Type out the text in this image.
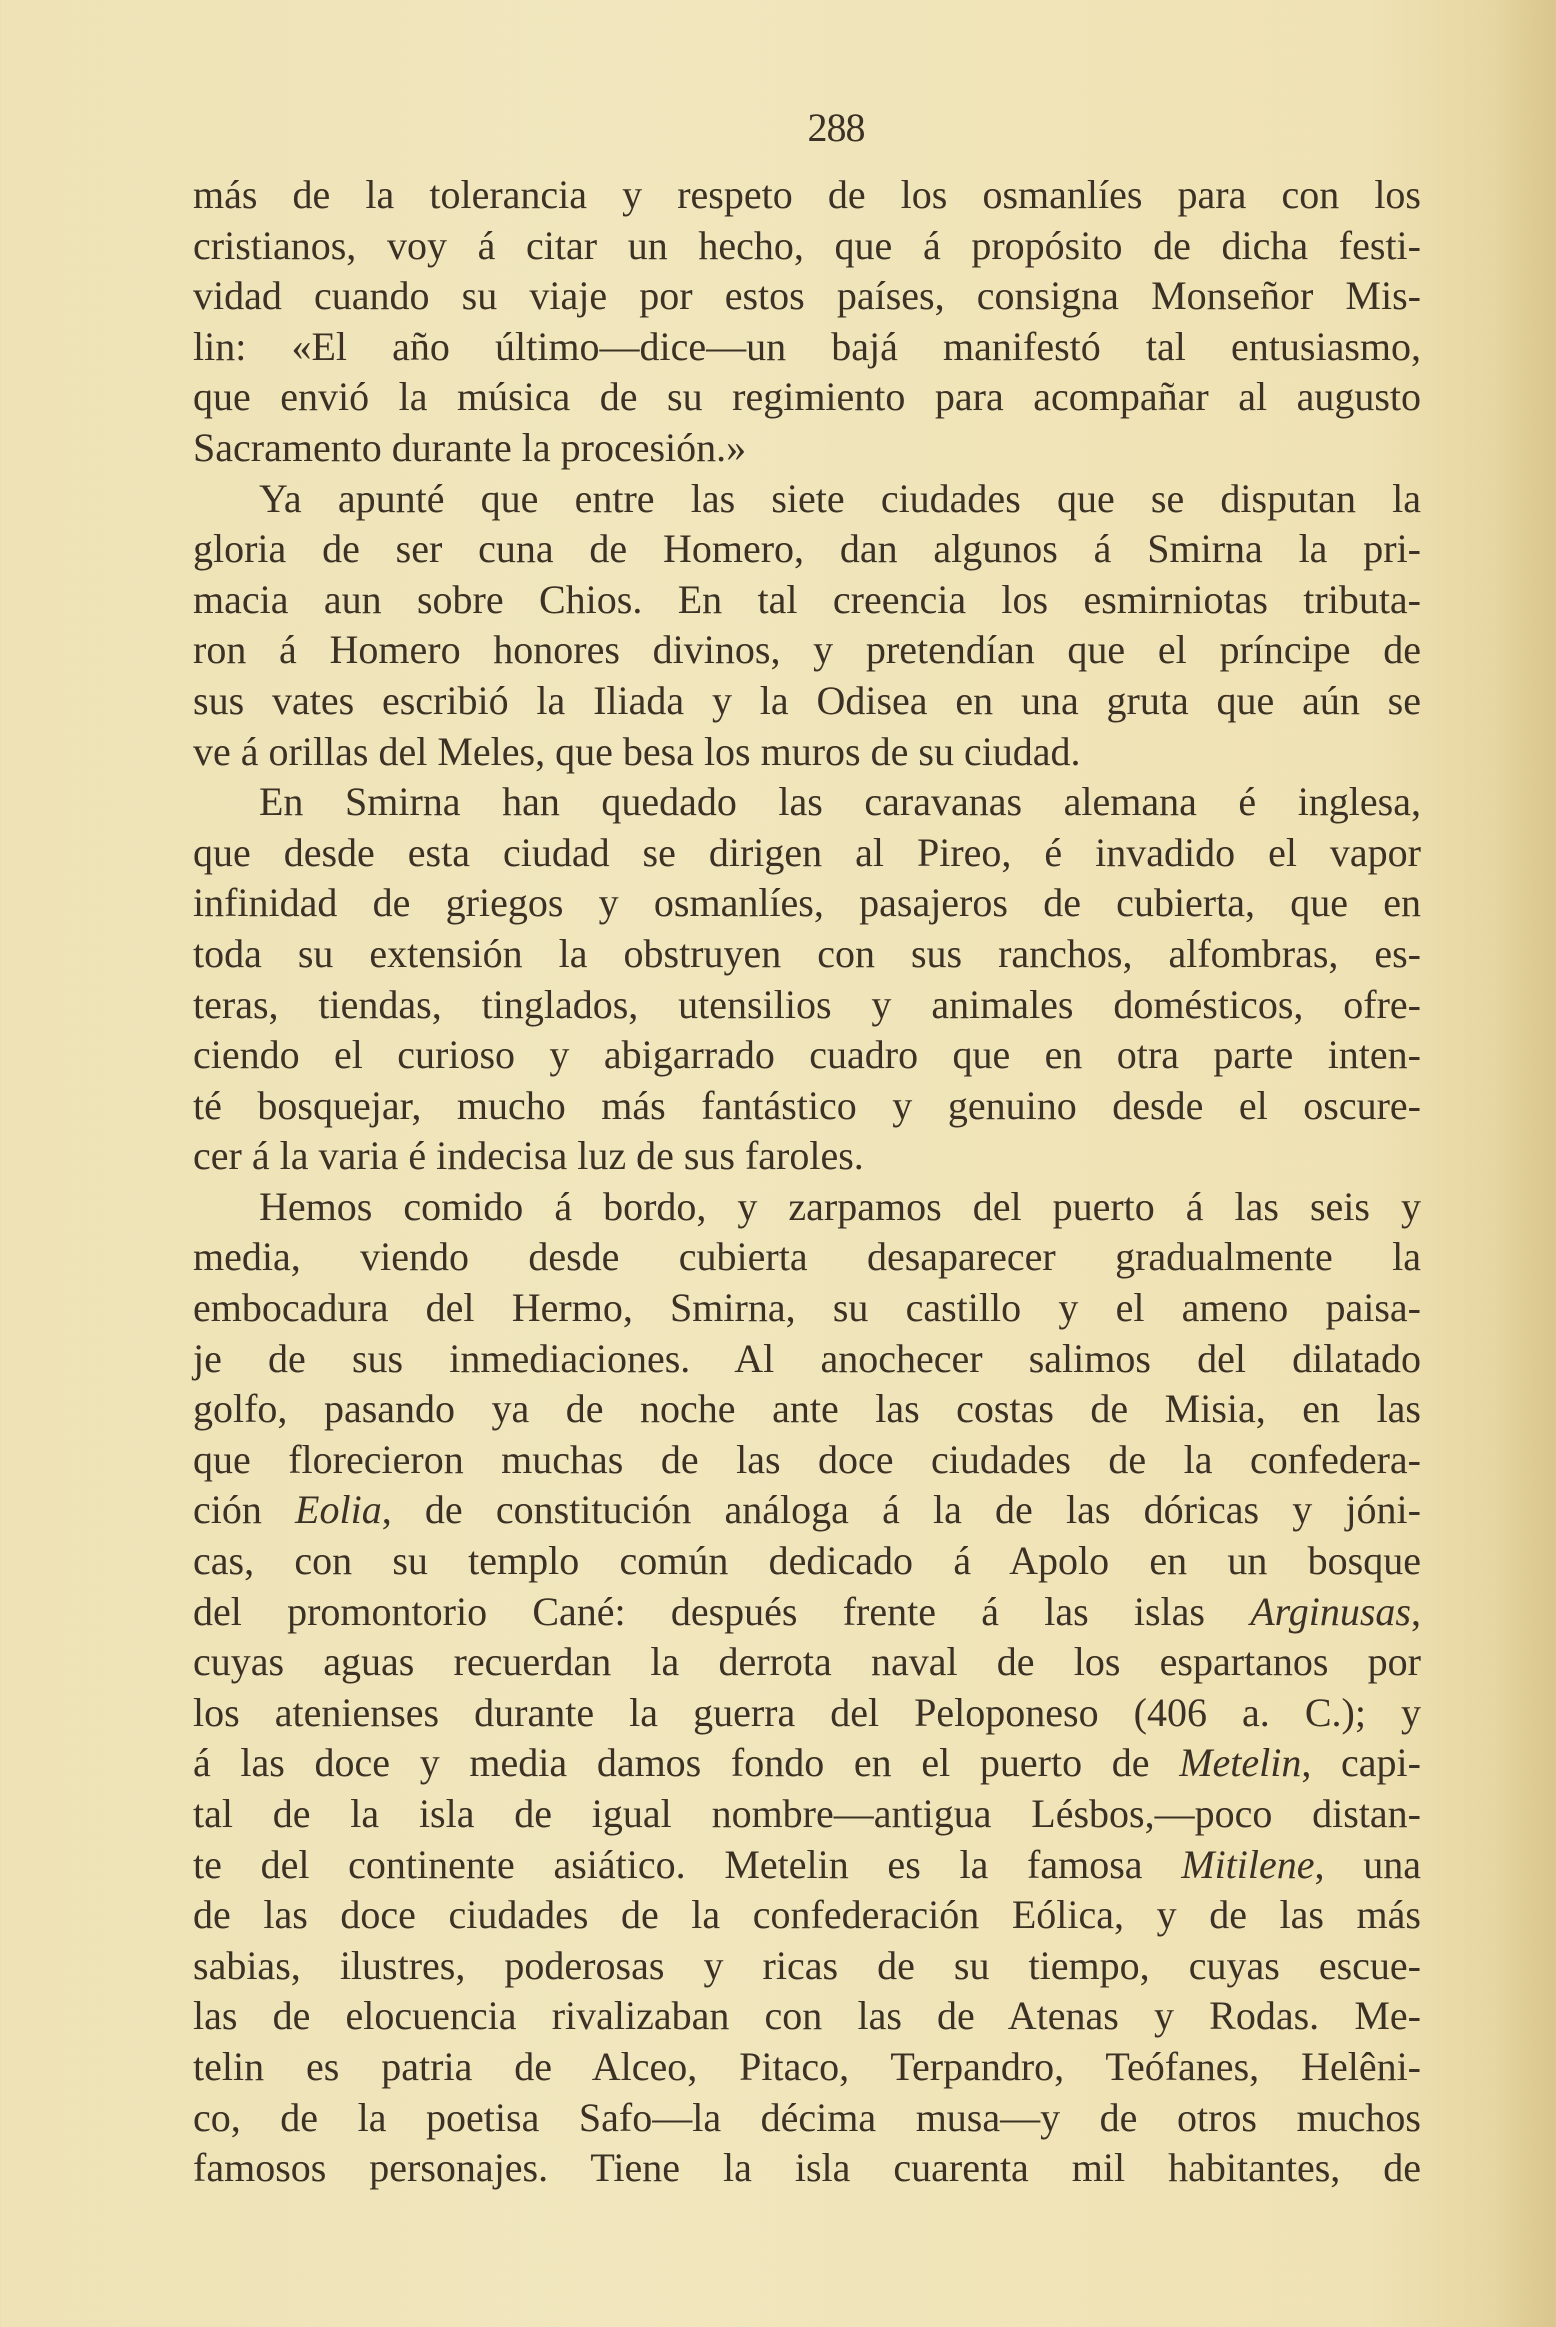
288
más de la tolerancia y respeto de los osmanlíes para con los
cristianos, voy á citar un hecho, que á propósito de dicha festi-
vidad cuando su viaje por estos países, consigna Monseñor Mis-
lin: «El año último—dice—un bajá manifestó tal entusiasmo,
que envió la música de su regimiento para acompañar al augusto
Sacramento durante la procesión.»
Ya apunté que entre las siete ciudades que se disputan la
gloria de ser cuna de Homero, dan algunos á Smirna la pri-
macia aun sobre Chios. En tal creencia los esmirniotas tributa-
ron á Homero honores divinos, y pretendían que el príncipe de
sus vates escribió la Iliada y la Odisea en una gruta que aún se
ve á orillas del Meles, que besa los muros de su ciudad.
En Smirna han quedado las caravanas alemana é inglesa,
que desde esta ciudad se dirigen al Pireo, é invadido el vapor
infinidad de griegos y osmanlíes, pasajeros de cubierta, que en
toda su extensión la obstruyen con sus ranchos, alfombras, es-
teras, tiendas, tinglados, utensilios y animales domésticos, ofre-
ciendo el curioso y abigarrado cuadro que en otra parte inten-
té bosquejar, mucho más fantástico y genuino desde el oscure-
cer á la varia é indecisa luz de sus faroles.
Hemos comido á bordo, y zarpamos del puerto á las seis y
media, viendo desde cubierta desaparecer gradualmente la
embocadura del Hermo, Smirna, su castillo y el ameno paisa-
je de sus inmediaciones. Al anochecer salimos del dilatado
golfo, pasando ya de noche ante las costas de Misia, en las
que florecieron muchas de las doce ciudades de la confedera-
ción Eolia, de constitución análoga á la de las dóricas y jóni-
cas, con su templo común dedicado á Apolo en un bosque
del promontorio Cané: después frente á las islas Arginusas,
cuyas aguas recuerdan la derrota naval de los espartanos por
los atenienses durante la guerra del Peloponeso (406 a. C.); y
á las doce y media damos fondo en el puerto de Metelin, capi-
tal de la isla de igual nombre—antigua Lésbos,—poco distan-
te del continente asiático. Metelin es la famosa Mitilene, una
de las doce ciudades de la confederación Eólica, y de las más
sabias, ilustres, poderosas y ricas de su tiempo, cuyas escue-
las de elocuencia rivalizaban con las de Atenas y Rodas. Me-
telin es patria de Alceo, Pitaco, Terpandro, Teófanes, Helêni-
co, de la poetisa Safo—la décima musa—y de otros muchos
famosos personajes. Tiene la isla cuarenta mil habitantes, de
